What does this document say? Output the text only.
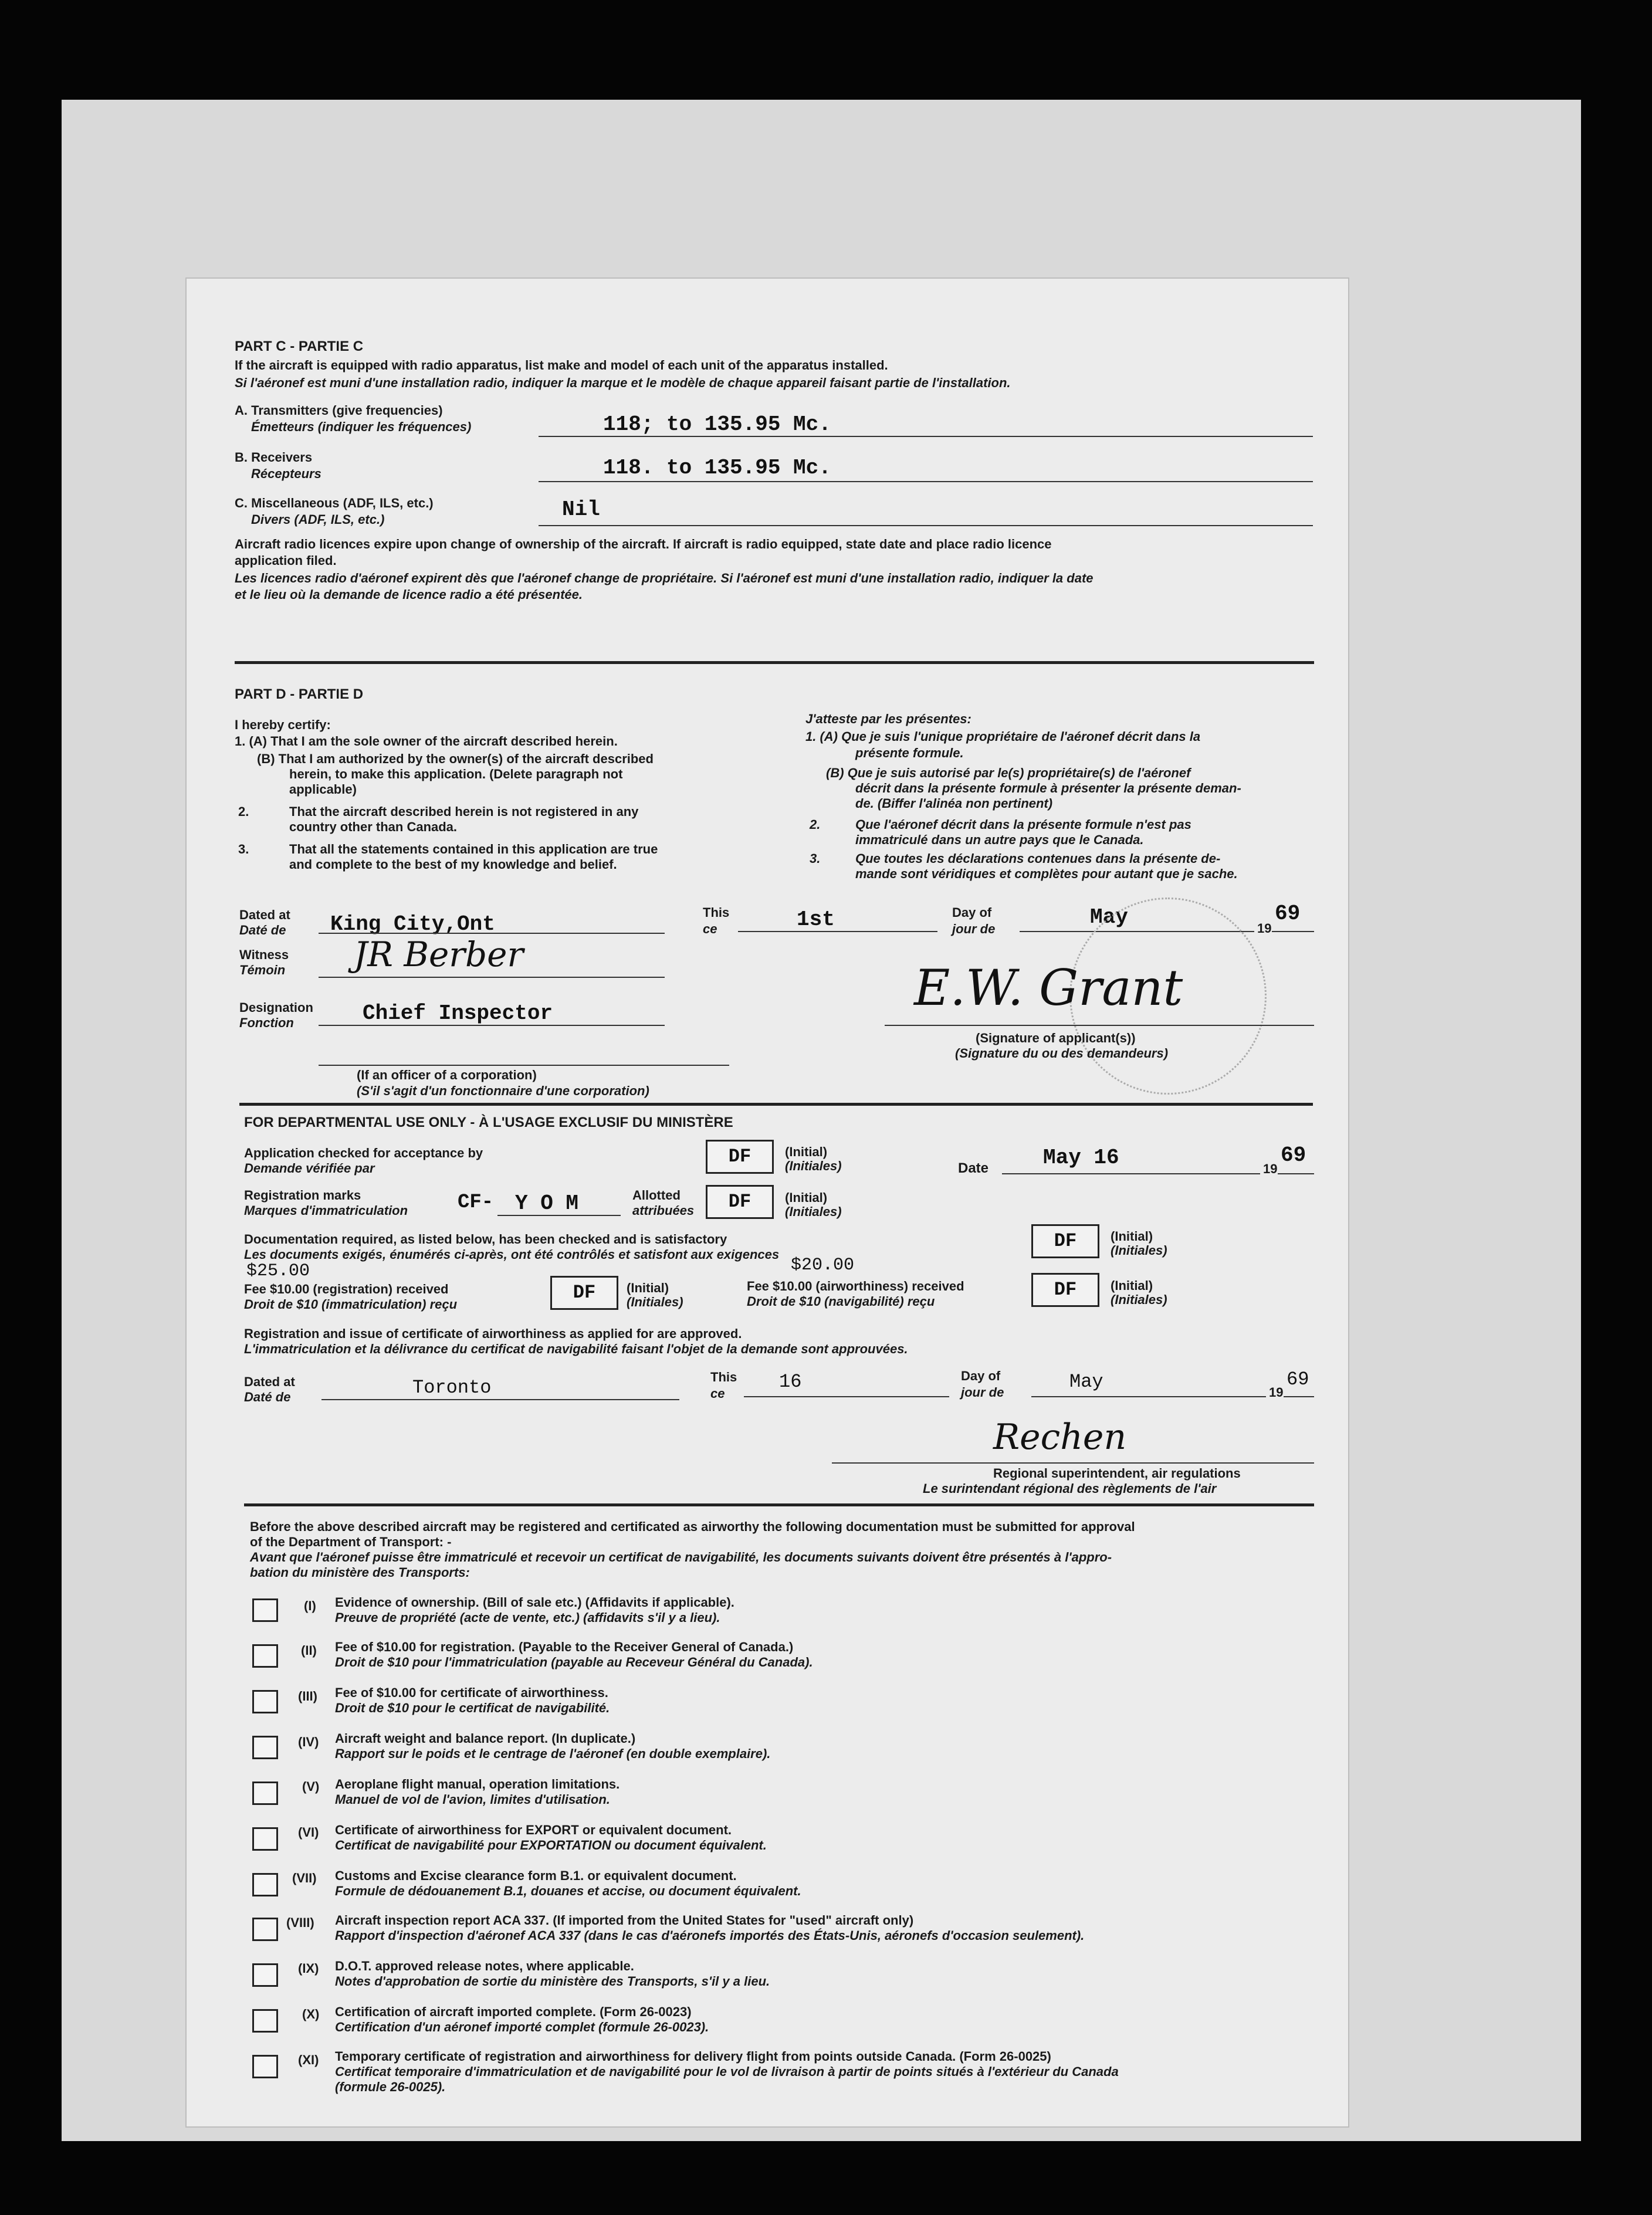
PART C - PARTIE C
If the aircraft is equipped with radio apparatus, list make and model of each unit of the apparatus installed.
Si l'aéronef est muni d'une installation radio, indiquer la marque et le modèle de chaque appareil faisant partie de l'installation.
A. Transmitters (give frequencies)
Émetteurs (indiquer les fréquences)	118; to 135.95 Mc.
B. Receivers
Récepteurs	118. to 135.95 Mc.
C. Miscellaneous (ADF, ILS, etc.)
Divers (ADF, ILS, etc.)	Nil
Aircraft radio licences expire upon change of ownership of the aircraft. If aircraft is radio equipped, state date and place radio licence
application filed.
Les licences radio d'aéronef expirent dès que l'aéronef change de propriétaire. Si l'aéronef est muni d'une installation radio, indiquer la date
et le lieu où la demande de licence radio a été présentée.
PART D - PARTIE D
I hereby certify:
1. (A) That I am the sole owner of the aircraft described herein.
(B) That I am authorized by the owner(s) of the aircraft described
herein, to make this application. (Delete paragraph not
applicable)
2.	That the aircraft described herein is not registered in any
country other than Canada.
3.	That all the statements contained in this application are true
and complete to the best of my knowledge and belief.
J'atteste par les présentes:
1. (A) Que je suis l'unique propriétaire de l'aéronef décrit dans la
présente formule.
(B) Que je suis autorisé par le(s) propriétaire(s) de l'aéronef
décrit dans la présente formule à présenter la présente deman-
de. (Biffer l'alinéa non pertinent)
2.	Que l'aéronef décrit dans la présente formule n'est pas
immatriculé dans un autre pays que le Canada.
3.	Que toutes les déclarations contenues dans la présente de-
mande sont véridiques et complètes pour autant que je sache.
Dated at
Daté de King City,Ont	This
ce	1st	Day of
jour de	May	19
69
Witness
Témoin JR Berber
Designation
Fonction	Chief Inspector
(If an officer of a corporation)
(S'il s'agit d'un fonctionnaire d'une corporation)
E.W. Grant
(Signature of applicant(s))
(Signature du ou des demandeurs)
FOR DEPARTMENTAL USE ONLY - À L'USAGE EXCLUSIF DU MINISTÈRE
Application checked for acceptance by
Demande vérifiée par
DF	(Initial)
(Initiales)	Date	May 16	19
69
Registration marks
Marques d'immatriculation CF- Y O M	Allotted
attribuées	DF	(Initial)
(Initiales)
Documentation required, as listed below, has been checked and is satisfactory
Les documents exigés, énumérés ci-après, ont été contrôlés et satisfont aux exigences
DF	(Initial)
(Initiales)
$25.00
Fee $10.00 (registration) received
Droit de $10 (immatriculation) reçu
DF	(Initial)
(Initiales)
$20.00
Fee $10.00 (airworthiness) received
Droit de $10 (navigabilité) reçu
DF	(Initial)
(Initiales)
Registration and issue of certificate of airworthiness as applied for are approved.
L'immatriculation et la délivrance du certificat de navigabilité faisant l'objet de la demande sont approuvées.
Dated at
Daté de	Toronto	This
ce
16	Day of
jour de	May	19
69
Rechen
Regional superintendent, air regulations
Le surintendant régional des règlements de l'air
Before the above described aircraft may be registered and certificated as airworthy the following documentation must be submitted for approval
of the Department of Transport: -
Avant que l'aéronef puisse être immatriculé et recevoir un certificat de navigabilité, les documents suivants doivent être présentés à l'appro-
bation du ministère des Transports:
(I) Evidence of ownership. (Bill of sale etc.) (Affidavits if applicable).
Preuve de propriété (acte de vente, etc.) (affidavits s'il y a lieu).
(II) Fee of $10.00 for registration. (Payable to the Receiver General of Canada.)
Droit de $10 pour l'immatriculation (payable au Receveur Général du Canada).
(III) Fee of $10.00 for certificate of airworthiness.
Droit de $10 pour le certificat de navigabilité.
(IV) Aircraft weight and balance report. (In duplicate.)
Rapport sur le poids et le centrage de l'aéronef (en double exemplaire).
(V) Aeroplane flight manual, operation limitations.
Manuel de vol de l'avion, limites d'utilisation.
(VI) Certificate of airworthiness for EXPORT or equivalent document.
Certificat de navigabilité pour EXPORTATION ou document équivalent.
(VII) Customs and Excise clearance form B.1. or equivalent document.
Formule de dédouanement B.1, douanes et accise, ou document équivalent.
(VIII) Aircraft inspection report ACA 337. (If imported from the United States for "used" aircraft only)
Rapport d'inspection d'aéronef ACA 337 (dans le cas d'aéronefs importés des États-Unis, aéronefs d'occasion seulement).
(IX) D.O.T. approved release notes, where applicable.
Notes d'approbation de sortie du ministère des Transports, s'il y a lieu.
(X) Certification of aircraft imported complete. (Form 26-0023)
Certification d'un aéronef importé complet (formule 26-0023).
(XI) Temporary certificate of registration and airworthiness for delivery flight from points outside Canada. (Form 26-0025)
Certificat temporaire d'immatriculation et de navigabilité pour le vol de livraison à partir de points situés à l'extérieur du Canada
(formule 26-0025).
